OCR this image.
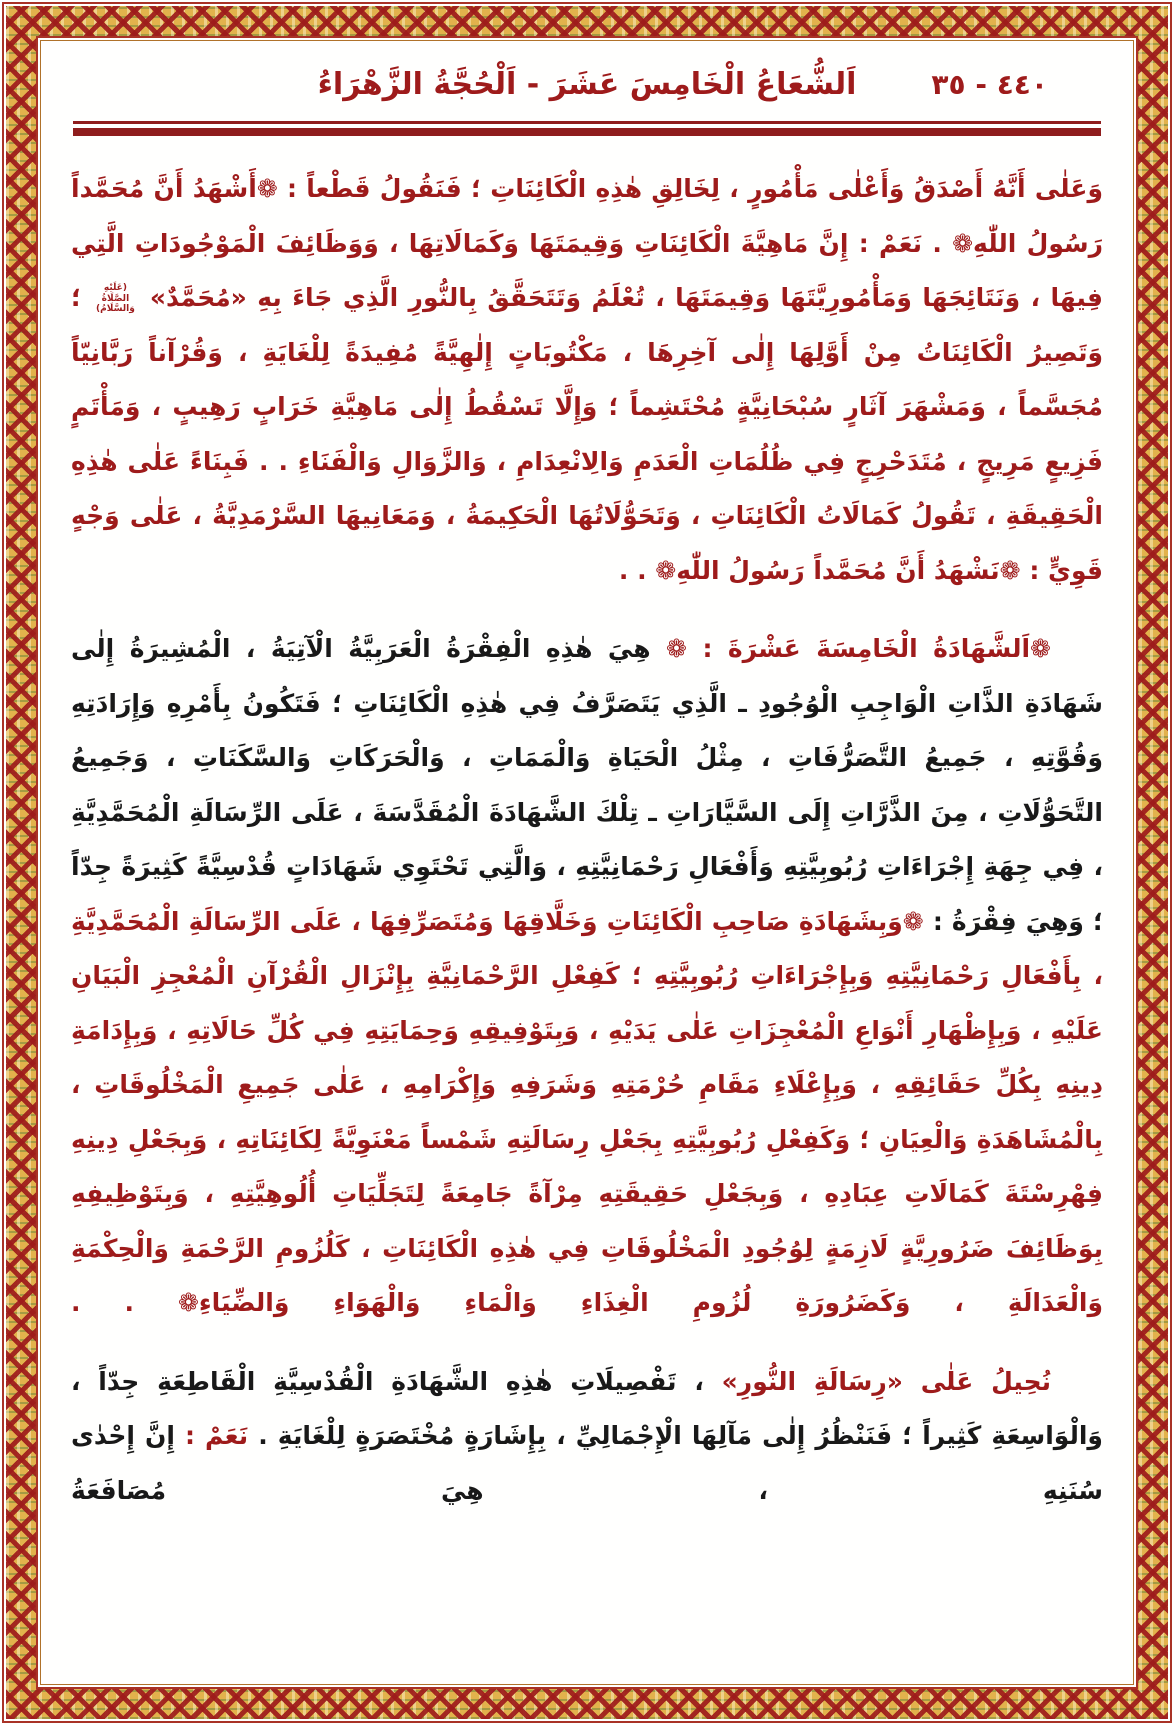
اَلشُّعَاعُ الْخَامِسَ عَشَرَ - اَلْحُجَّةُ الزَّهْرَاءُ	٤٤٠ - ٣٥
وَعَلٰى أَنَّهُ أَصْدَقُ وَأَعْلٰى مَأْمُورٍ ، لِخَالِقِ هٰذِهِ الْكَائِنَاتِ ؛ فَنَقُولُ قَطْعاً : ❁أَشْهَدُ أَنَّ مُحَمَّداً رَسُولُ اللّٰهِ❁ . نَعَمْ : إِنَّ مَاهِيَّةَ الْكَائِنَاتِ وَقِيمَتَهَا وَكَمَالَاتِهَا ، وَوَظَائِفَ الْمَوْجُودَاتِ الَّتِي فِيهَا ، وَنَتَائِجَهَا وَمَأْمُورِيَّتَهَا وَقِيمَتَهَا ، تُعْلَمُ وَتَتَحَقَّقُ بِالنُّورِ الَّذِي جَاءَ بِهِ «مُحَمَّدٌ» (عَلَيْهِ الصَّلَاةُ وَالسَّلَامُ) ؛ وَتَصِيرُ الْكَائِنَاتُ مِنْ أَوَّلِهَا إِلٰى آخِرِهَا ، مَكْتُوبَاتٍ إِلٰهِيَّةً مُفِيدَةً لِلْغَايَةِ ، وَقُرْآناً رَبَّانِيّاً مُجَسَّماً ، وَمَشْهَرَ آثَارٍ سُبْحَانِيَّةٍ مُحْتَشِماً ؛ وَإِلَّا تَسْقُطُ إِلٰى مَاهِيَّةِ خَرَابٍ رَهِيبٍ ، وَمَأْتَمٍ فَزِيعٍ مَرِيجٍ ، مُتَدَحْرِجٍ فِي ظُلُمَاتِ الْعَدَمِ وَالِانْعِدَامِ ، وَالزَّوَالِ وَالْفَنَاءِ . . فَبِنَاءً عَلٰى هٰذِهِ الْحَقِيقَةِ ، تَقُولُ كَمَالَاتُ الْكَائِنَاتِ ، وَتَحَوُّلَاتُهَا الْحَكِيمَةُ ، وَمَعَانِيهَا السَّرْمَدِيَّةُ ، عَلٰى وَجْهٍ قَوِيٍّ : ❁نَشْهَدُ أَنَّ مُحَمَّداً رَسُولُ اللّٰهِ❁ . .
❁اَلشَّهَادَةُ الْخَامِسَةَ عَشْرَةَ : ❁ هِيَ هٰذِهِ الْفِقْرَةُ الْعَرَبِيَّةُ الْآتِيَةُ ، الْمُشِيرَةُ إِلٰى شَهَادَةِ الذَّاتِ الْوَاجِبِ الْوُجُودِ ـ الَّذِي يَتَصَرَّفُ فِي هٰذِهِ الْكَائِنَاتِ ؛ فَتَكُونُ بِأَمْرِهِ وَإِرَادَتِهِ وَقُوَّتِهِ ، جَمِيعُ التَّصَرُّفَاتِ ، مِثْلُ الْحَيَاةِ وَالْمَمَاتِ ، وَالْحَرَكَاتِ وَالسَّكَنَاتِ ، وَجَمِيعُ التَّحَوُّلَاتِ ، مِنَ الذَّرَّاتِ إِلَى السَّيَّارَاتِ ـ تِلْكَ الشَّهَادَةَ الْمُقَدَّسَةَ ، عَلَى الرِّسَالَةِ الْمُحَمَّدِيَّةِ ، فِي جِهَةِ إِجْرَاءَاتِ رُبُوبِيَّتِهِ وَأَفْعَالِ رَحْمَانِيَّتِهِ ، وَالَّتِي تَحْتَوِي شَهَادَاتٍ قُدْسِيَّةً كَثِيرَةً جِدّاً ؛ وَهِيَ فِقْرَةُ : ❁وَبِشَهَادَةِ صَاحِبِ الْكَائِنَاتِ وَخَلَّاقِهَا وَمُتَصَرِّفِهَا ، عَلَى الرِّسَالَةِ الْمُحَمَّدِيَّةِ ، بِأَفْعَالِ رَحْمَانِيَّتِهِ وَبِإِجْرَاءَاتِ رُبُوبِيَّتِهِ ؛ كَفِعْلِ الرَّحْمَانِيَّةِ بِإِنْزَالِ الْقُرْآنِ الْمُعْجِزِ الْبَيَانِ عَلَيْهِ ، وَبِإِظْهَارِ أَنْوَاعِ الْمُعْجِزَاتِ عَلٰى يَدَيْهِ ، وَبِتَوْفِيقِهِ وَحِمَايَتِهِ فِي كُلِّ حَالَاتِهِ ، وَبِإِدَامَةِ دِينِهِ بِكُلِّ حَقَائِقِهِ ، وَبِإِعْلَاءِ مَقَامِ حُرْمَتِهِ وَشَرَفِهِ وَإِكْرَامِهِ ، عَلٰى جَمِيعِ الْمَخْلُوقَاتِ ، بِالْمُشَاهَدَةِ وَالْعِيَانِ ؛ وَكَفِعْلِ رُبُوبِيَّتِهِ بِجَعْلِ رِسَالَتِهِ شَمْساً مَعْنَوِيَّةً لِكَائِنَاتِهِ ، وَبِجَعْلِ دِينِهِ فِهْرِسْتَةَ كَمَالَاتِ عِبَادِهِ ، وَبِجَعْلِ حَقِيقَتِهِ مِرْآةً جَامِعَةً لِتَجَلِّيَاتِ أُلُوهِيَّتِهِ ، وَبِتَوْظِيفِهِ بِوَظَائِفَ ضَرُورِيَّةٍ لَازِمَةٍ لِوُجُودِ الْمَخْلُوقَاتِ فِي هٰذِهِ الْكَائِنَاتِ ، كَلُزُومِ الرَّحْمَةِ وَالْحِكْمَةِ وَالْعَدَالَةِ ، وَكَضَرُورَةِ لُزُومِ الْغِذَاءِ وَالْمَاءِ وَالْهَوَاءِ وَالضِّيَاءِ❁ . .
نُحِيلُ عَلٰى «رِسَالَةِ النُّورِ» ، تَفْصِيلَاتِ هٰذِهِ الشَّهَادَةِ الْقُدْسِيَّةِ الْقَاطِعَةِ جِدّاً ، وَالْوَاسِعَةِ كَثِيراً ؛ فَنَنْظُرُ إِلٰى مَآلِهَا الْإِجْمَالِيِّ ، بِإِشَارَةٍ مُخْتَصَرَةٍ لِلْغَايَةِ . نَعَمْ : إِنَّ إِحْدٰى سُنَنِهِ ، هِيَ مُصَافَعَةُ
